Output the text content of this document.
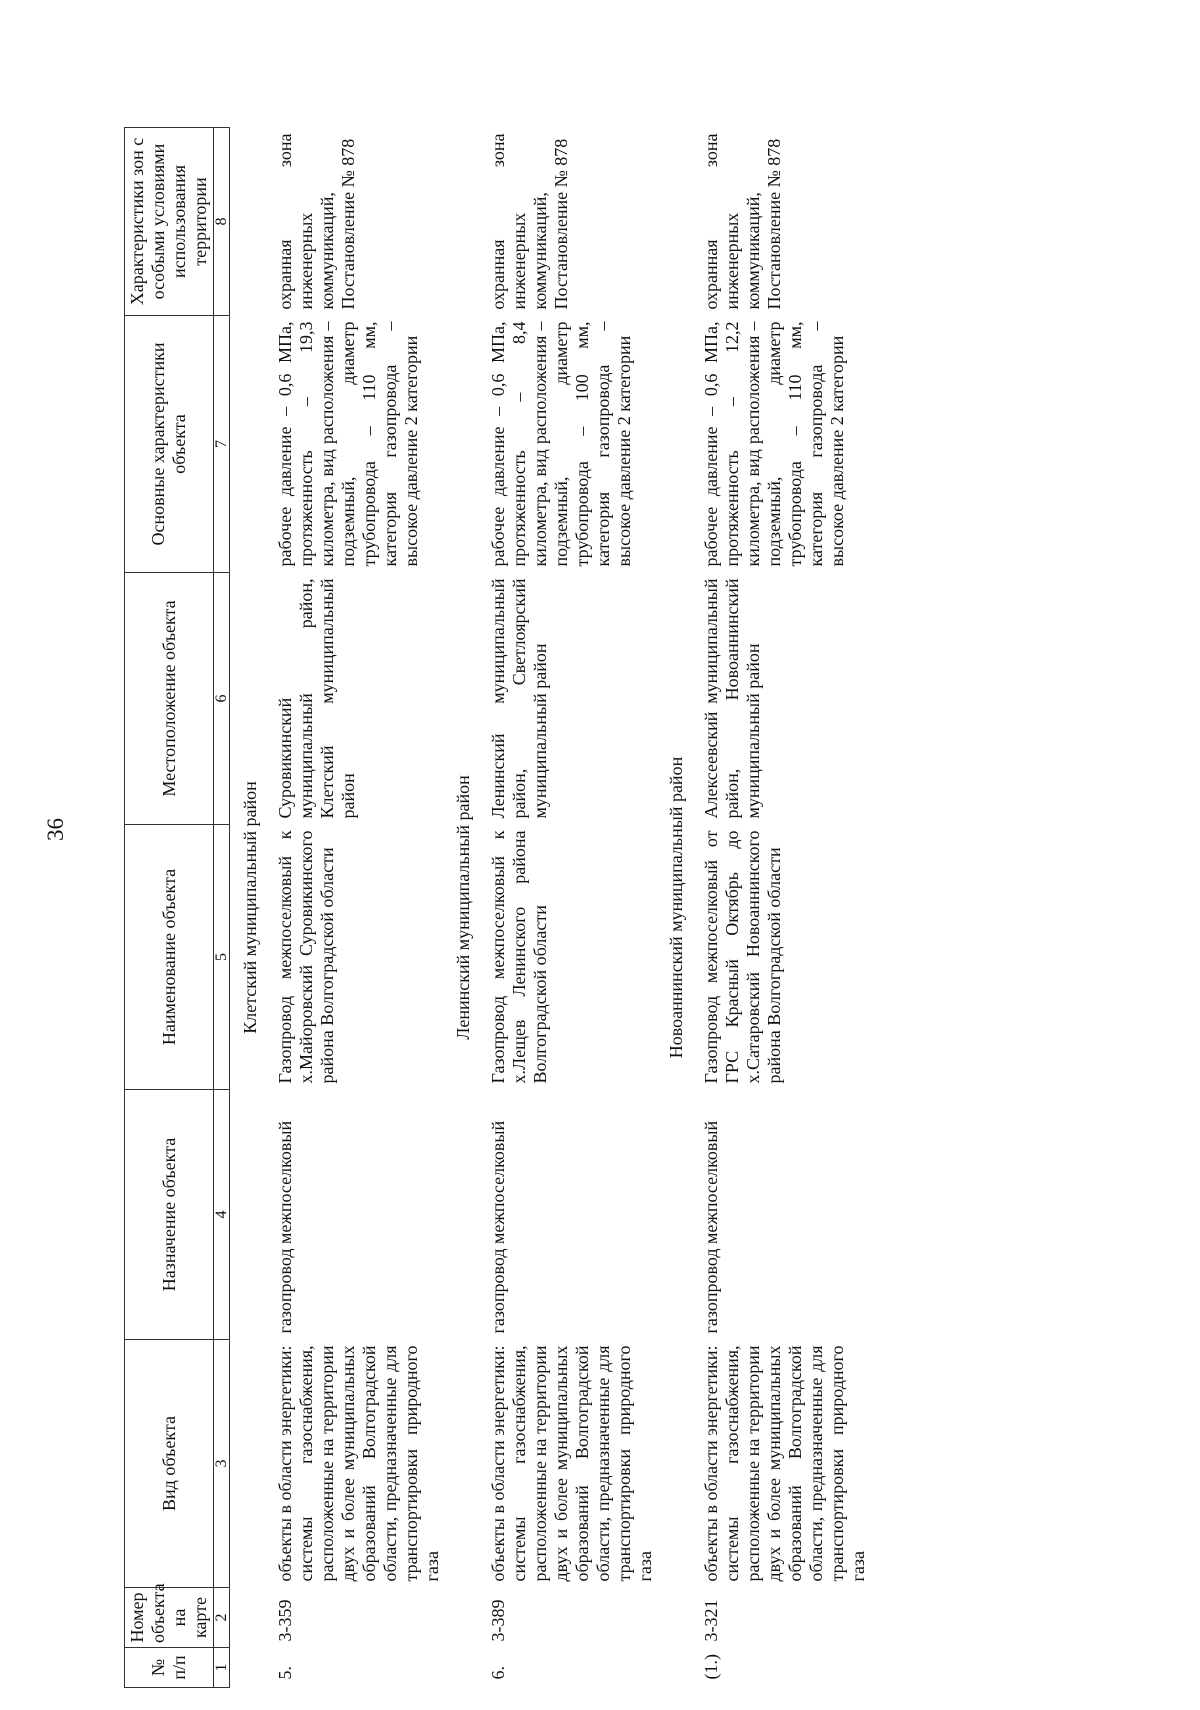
36
№ п/п	Номер объекта на карте	Вид объекта	Назначение объекта	Наименование объекта	Местоположение объекта	Основные характеристики объекта	Характеристики зон с особыми условиями использования территории
1	2	3	4	5	6	7	8
Клетский муниципальный район							
5.	3-359	объекты в области энергетики: системы газоснабжения, расположенные на территории двух и более муниципальных образований Волгоградской области, предназначенные для транспортировки природного газа	газопровод межпоселковый	Газопровод межпоселковый к х.Майоровский Суровикинского района Волгоградской области	Суровикинский муниципальный район, Клетский муниципальный район	рабочее давление – 0,6 МПа, протяженность – 19,3 километра, вид расположения – подземный, диаметр трубопровода – 110 мм, категория газопровода – высокое давление 2 категории	охранная зона инженерных коммуникаций, Постановление № 878
Ленинский муниципальный район							
6.	3-389	объекты в области энергетики: системы газоснабжения, расположенные на территории двух и более муниципальных образований Волгоградской области, предназначенные для транспортировки природного газа	газопровод межпоселковый	Газопровод межпоселковый к х.Лещев Ленинского района Волгоградской области	Ленинский муниципальный район, Светлоярский муниципальный район	рабочее давление – 0,6 МПа, протяженность – 8,4 километра, вид расположения – подземный, диаметр трубопровода – 100 мм, категория газопровода – высокое давление 2 категории	охранная зона инженерных коммуникаций, Постановление № 878
Новоаннинский муниципальный район							
(1.)	3-321	объекты в области энергетики: системы газоснабжения, расположенные на территории двух и более муниципальных образований Волгоградской области, предназначенные для транспортировки природного газа	газопровод межпоселковый	Газопровод межпоселковый от ГРС Красный Октябрь до х.Сатаровский Новоаннинского района Волгоградской области	Алексеевский муниципальный район, Новоаннинский муниципальный район	рабочее давление – 0,6 МПа, протяженность – 12,2 километра, вид расположения – подземный, диаметр трубопровода – 110 мм, категория газопровода – высокое давление 2 категории	охранная зона инженерных коммуникаций, Постановление № 878
